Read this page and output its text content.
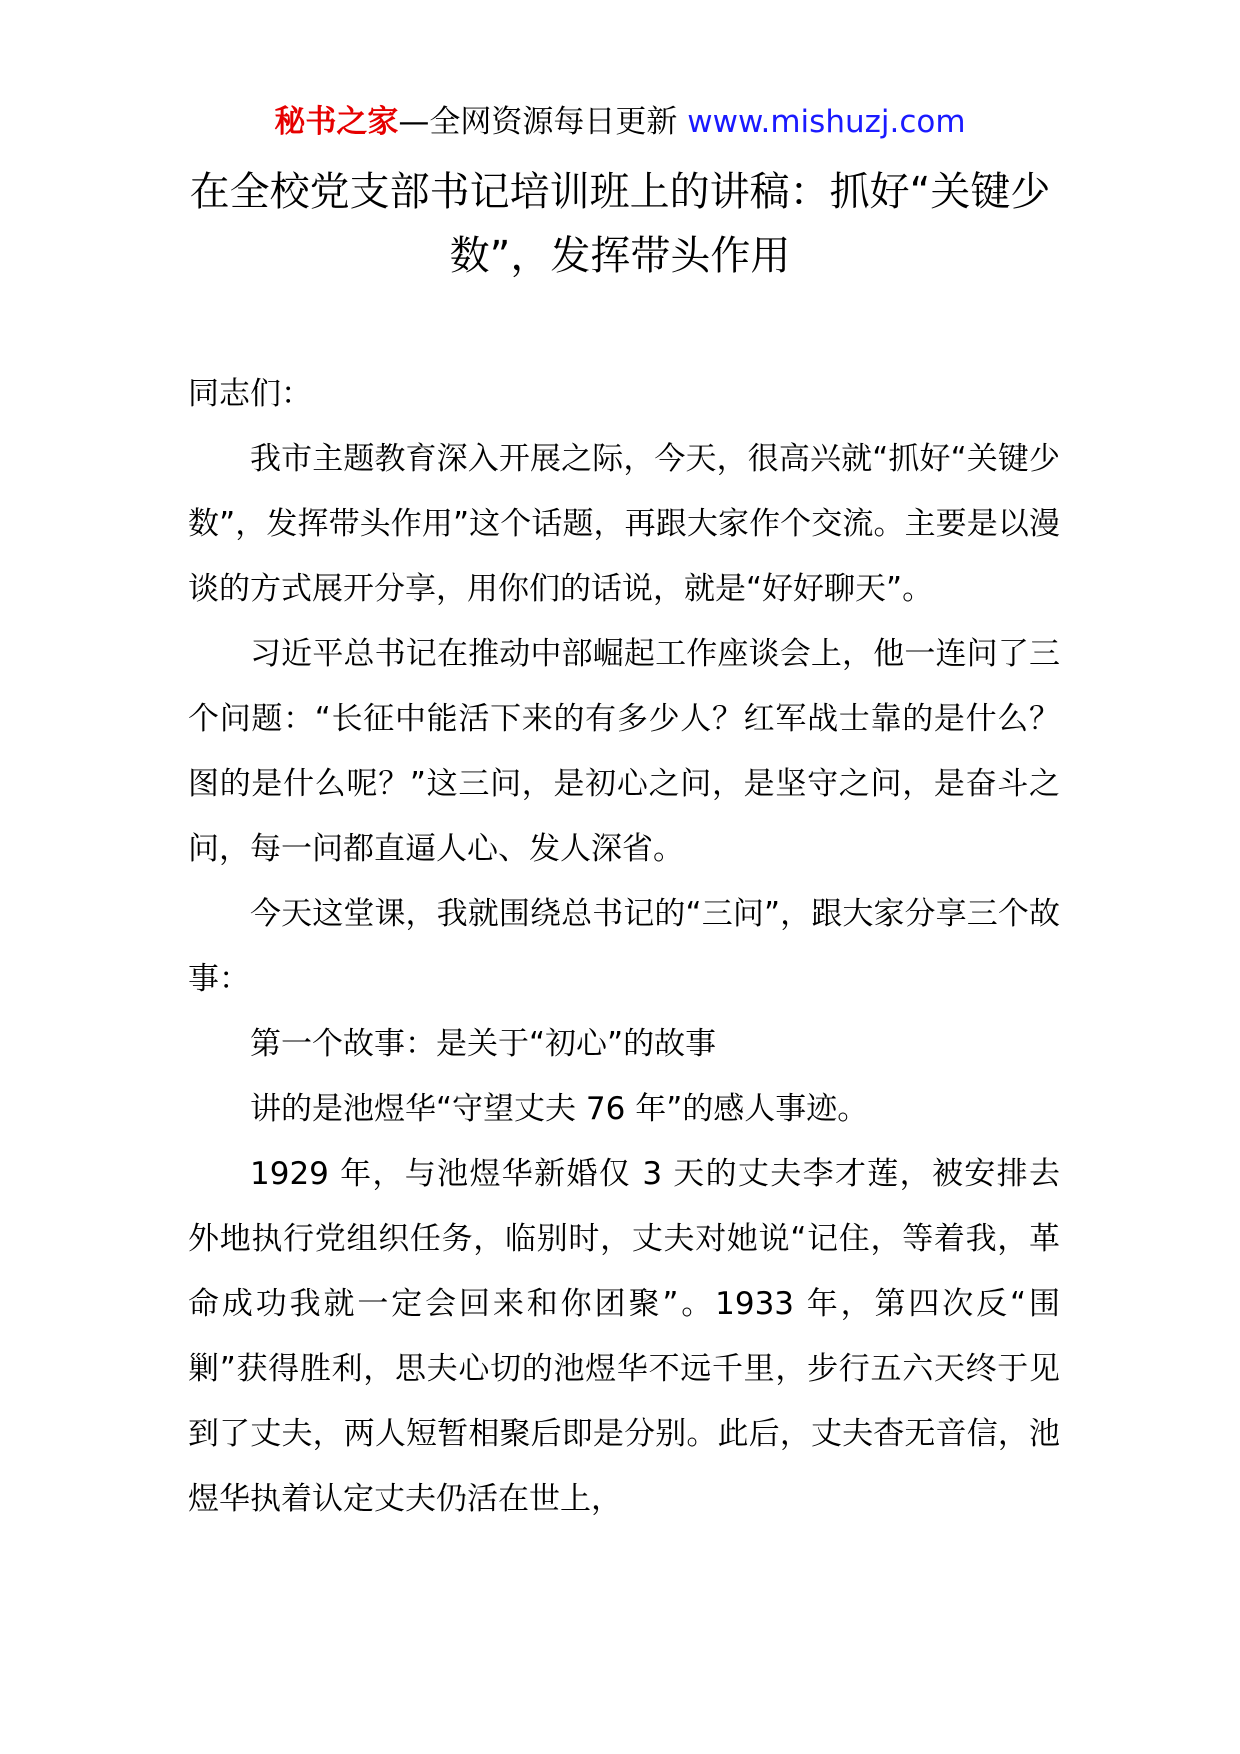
秘书之家—全网资源每日更新 www.mishuzj.com
在全校党支部书记培训班上的讲稿：抓好“关键少数”，发挥带头作用

同志们：

我市主题教育深入开展之际，今天，很高兴就“抓好“关键少数”，发挥带头作用”这个话题，再跟大家作个交流。主要是以漫谈的方式展开分享，用你们的话说，就是“好好聊天”。

习近平总书记在推动中部崛起工作座谈会上，他一连问了三个问题：“长征中能活下来的有多少人？红军战士靠的是什么？图的是什么呢？”这三问，是初心之问，是坚守之问，是奋斗之问，每一问都直逼人心、发人深省。

今天这堂课，我就围绕总书记的“三问”，跟大家分享三个故事：

第一个故事：是关于“初心”的故事

讲的是池煜华“守望丈夫 76 年”的感人事迹。

1929 年，与池煜华新婚仅 3 天的丈夫李才莲，被安排去外地执行党组织任务，临别时，丈夫对她说“记住，等着我，革命成功我就一定会回来和你团聚”。1933 年，第四次反“围剿”获得胜利，思夫心切的池煜华不远千里，步行五六天终于见到了丈夫，两人短暂相聚后即是分别。此后，丈夫杳无音信，池煜华执着认定丈夫仍活在世上，
